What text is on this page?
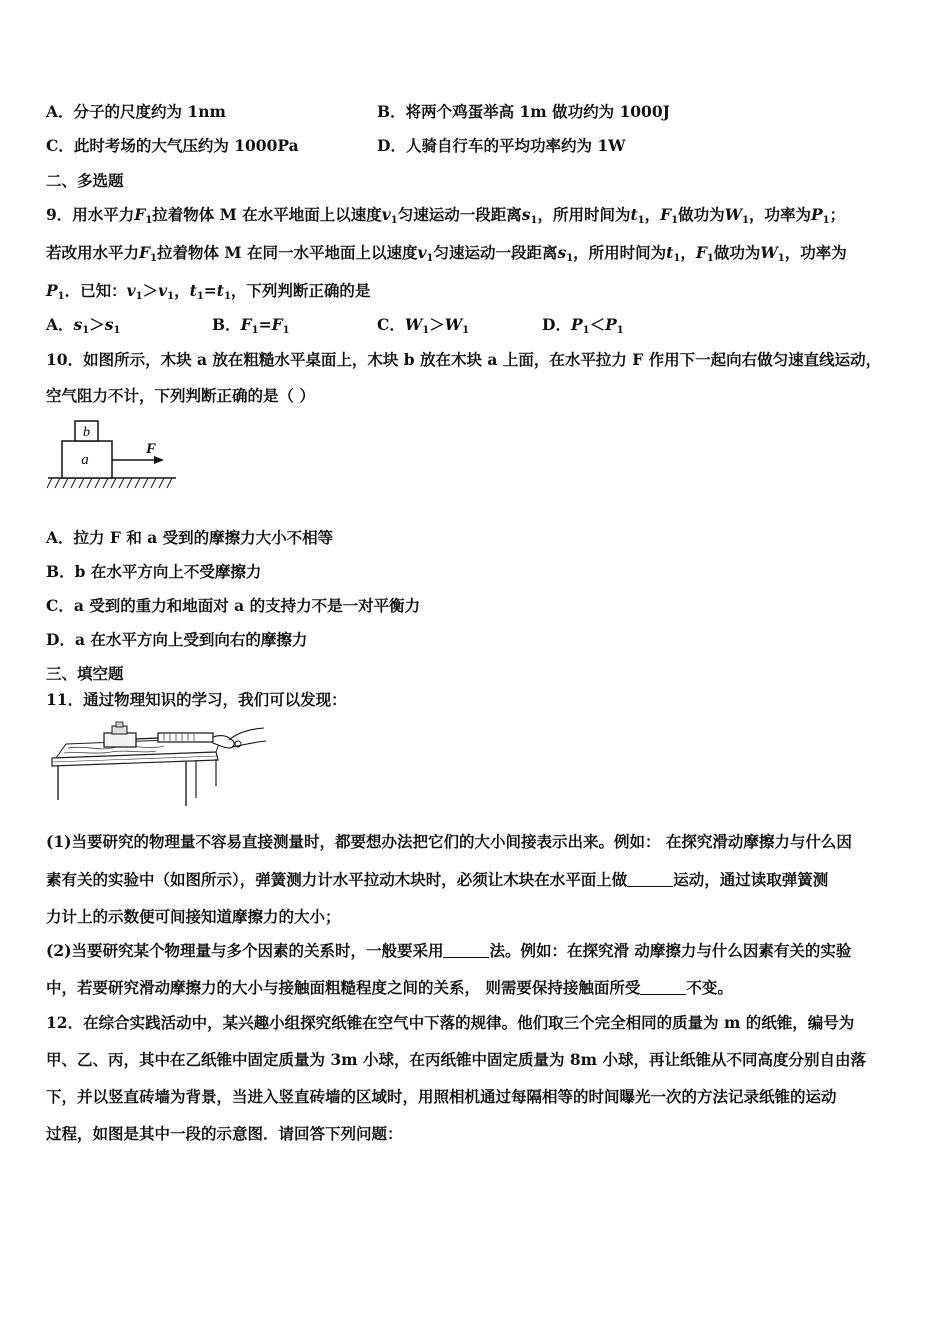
A．分子的尺度约为 1nm	B．将两个鸡蛋举高 1m 做功约为 1000J
C．此时考场的大气压约为 1000Pa	D．人骑自行车的平均功率约为 1W
二、多选题
9．用水平力$F_1$拉着物体 M 在水平地面上以速度$v_1$匀速运动一段距离$s_1$，所用时间为$t_1$，$F_1$做功为$W_1$，功率为$P_1$；
若改用水平力$F_1$拉着物体 M 在同一水平地面上以速度$v_1$匀速运动一段距离$s_1$，所用时间为$t_1$，$F_1$做功为$W_1$，功率为
$P_1$．已知：$v_1>v_1$，$t_1=t_1$，下列判断正确的是
A．$s_1>s_1$	B．$F_1=F_1$	C．$W_1>W_1$	D．$P_1<P_1$
10．如图所示，木块 a 放在粗糙水平桌面上，木块 b 放在木块 a 上面，在水平拉力 F 作用下一起向右做匀速直线运动，
空气阻力不计，下列判断正确的是（ ）
b
a
F
A．拉力 F 和 a 受到的摩擦力大小不相等
B．b 在水平方向上不受摩擦力
C．a 受到的重力和地面对 a 的支持力不是一对平衡力
D．a 在水平方向上受到向右的摩擦力
三、填空题
11．通过物理知识的学习，我们可以发现：
(1)当要研究的物理量不容易直接测量时，都要想办法把它们的大小间接表示出来。例如： 在探究滑动摩擦力与什么因
素有关的实验中（如图所示），弹簧测力计水平拉动木块时，必须让木块在水平面上做	运动，通过读取弹簧测
力计上的示数便可间接知道摩擦力的大小；
(2)当要研究某个物理量与多个因素的关系时，一般要采用	法。例如：在探究滑 动摩擦力与什么因素有关的实验
中，若要研究滑动摩擦力的大小与接触面粗糙程度之间的关系， 则需要保持接触面所受	不变。
12．在综合实践活动中，某兴趣小组探究纸锥在空气中下落的规律。他们取三个完全相同的质量为 m 的纸锥，编号为
甲、乙、丙，其中在乙纸锥中固定质量为 3m 小球，在丙纸锥中固定质量为 8m 小球，再让纸锥从不同高度分别自由落
下，并以竖直砖墙为背景，当进入竖直砖墙的区域时，用照相机通过每隔相等的时间曝光一次的方法记录纸锥的运动
过程，如图是其中一段的示意图．请回答下列问题：
